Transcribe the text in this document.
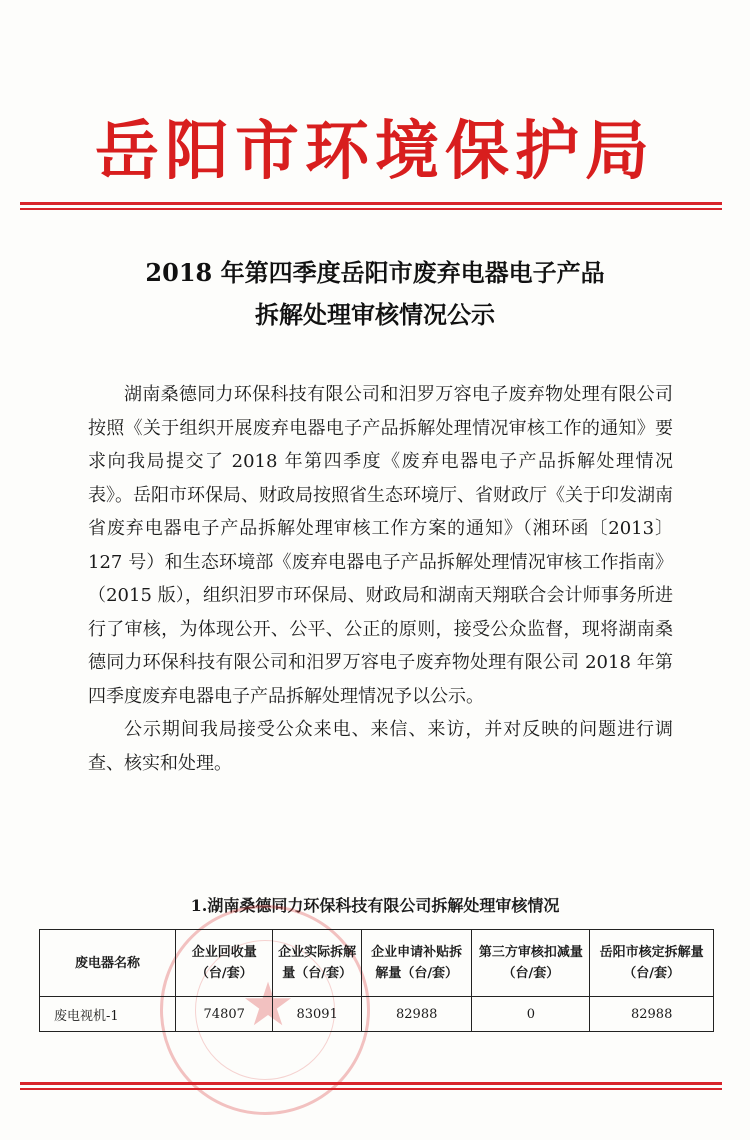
岳阳市环境保护局
2018 年第四季度岳阳市废弃电器电子产品
拆解处理审核情况公示

湖南桑德同力环保科技有限公司和汨罗万容电子废弃物处理有限公司按照《关于组织开展废弃电器电子产品拆解处理情况审核工作的通知》要求向我局提交了 2018 年第四季度《废弃电器电子产品拆解处理情况表》。岳阳市环保局、财政局按照省生态环境厅、省财政厅《关于印发湖南省废弃电器电子产品拆解处理审核工作方案的通知》（湘环函〔2013〕127 号）和生态环境部《废弃电器电子产品拆解处理情况审核工作指南》（2015 版），组织汨罗市环保局、财政局和湖南天翔联合会计师事务所进行了审核，为体现公开、公平、公正的原则，接受公众监督，现将湖南桑德同力环保科技有限公司和汨罗万容电子废弃物处理有限公司 2018 年第四季度废弃电器电子产品拆解处理情况予以公示。

公示期间我局接受公众来电、来信、来访，并对反映的问题进行调查、核实和处理。

1.湖南桑德同力环保科技有限公司拆解处理审核情况
★
废电器名称	企业回收量（台/套）	企业实际拆解量（台/套）	企业申请补贴拆解量（台/套）	第三方审核扣减量（台/套）	岳阳市核定拆解量（台/套）
废电视机-1	74807	83091	82988	0	82988
